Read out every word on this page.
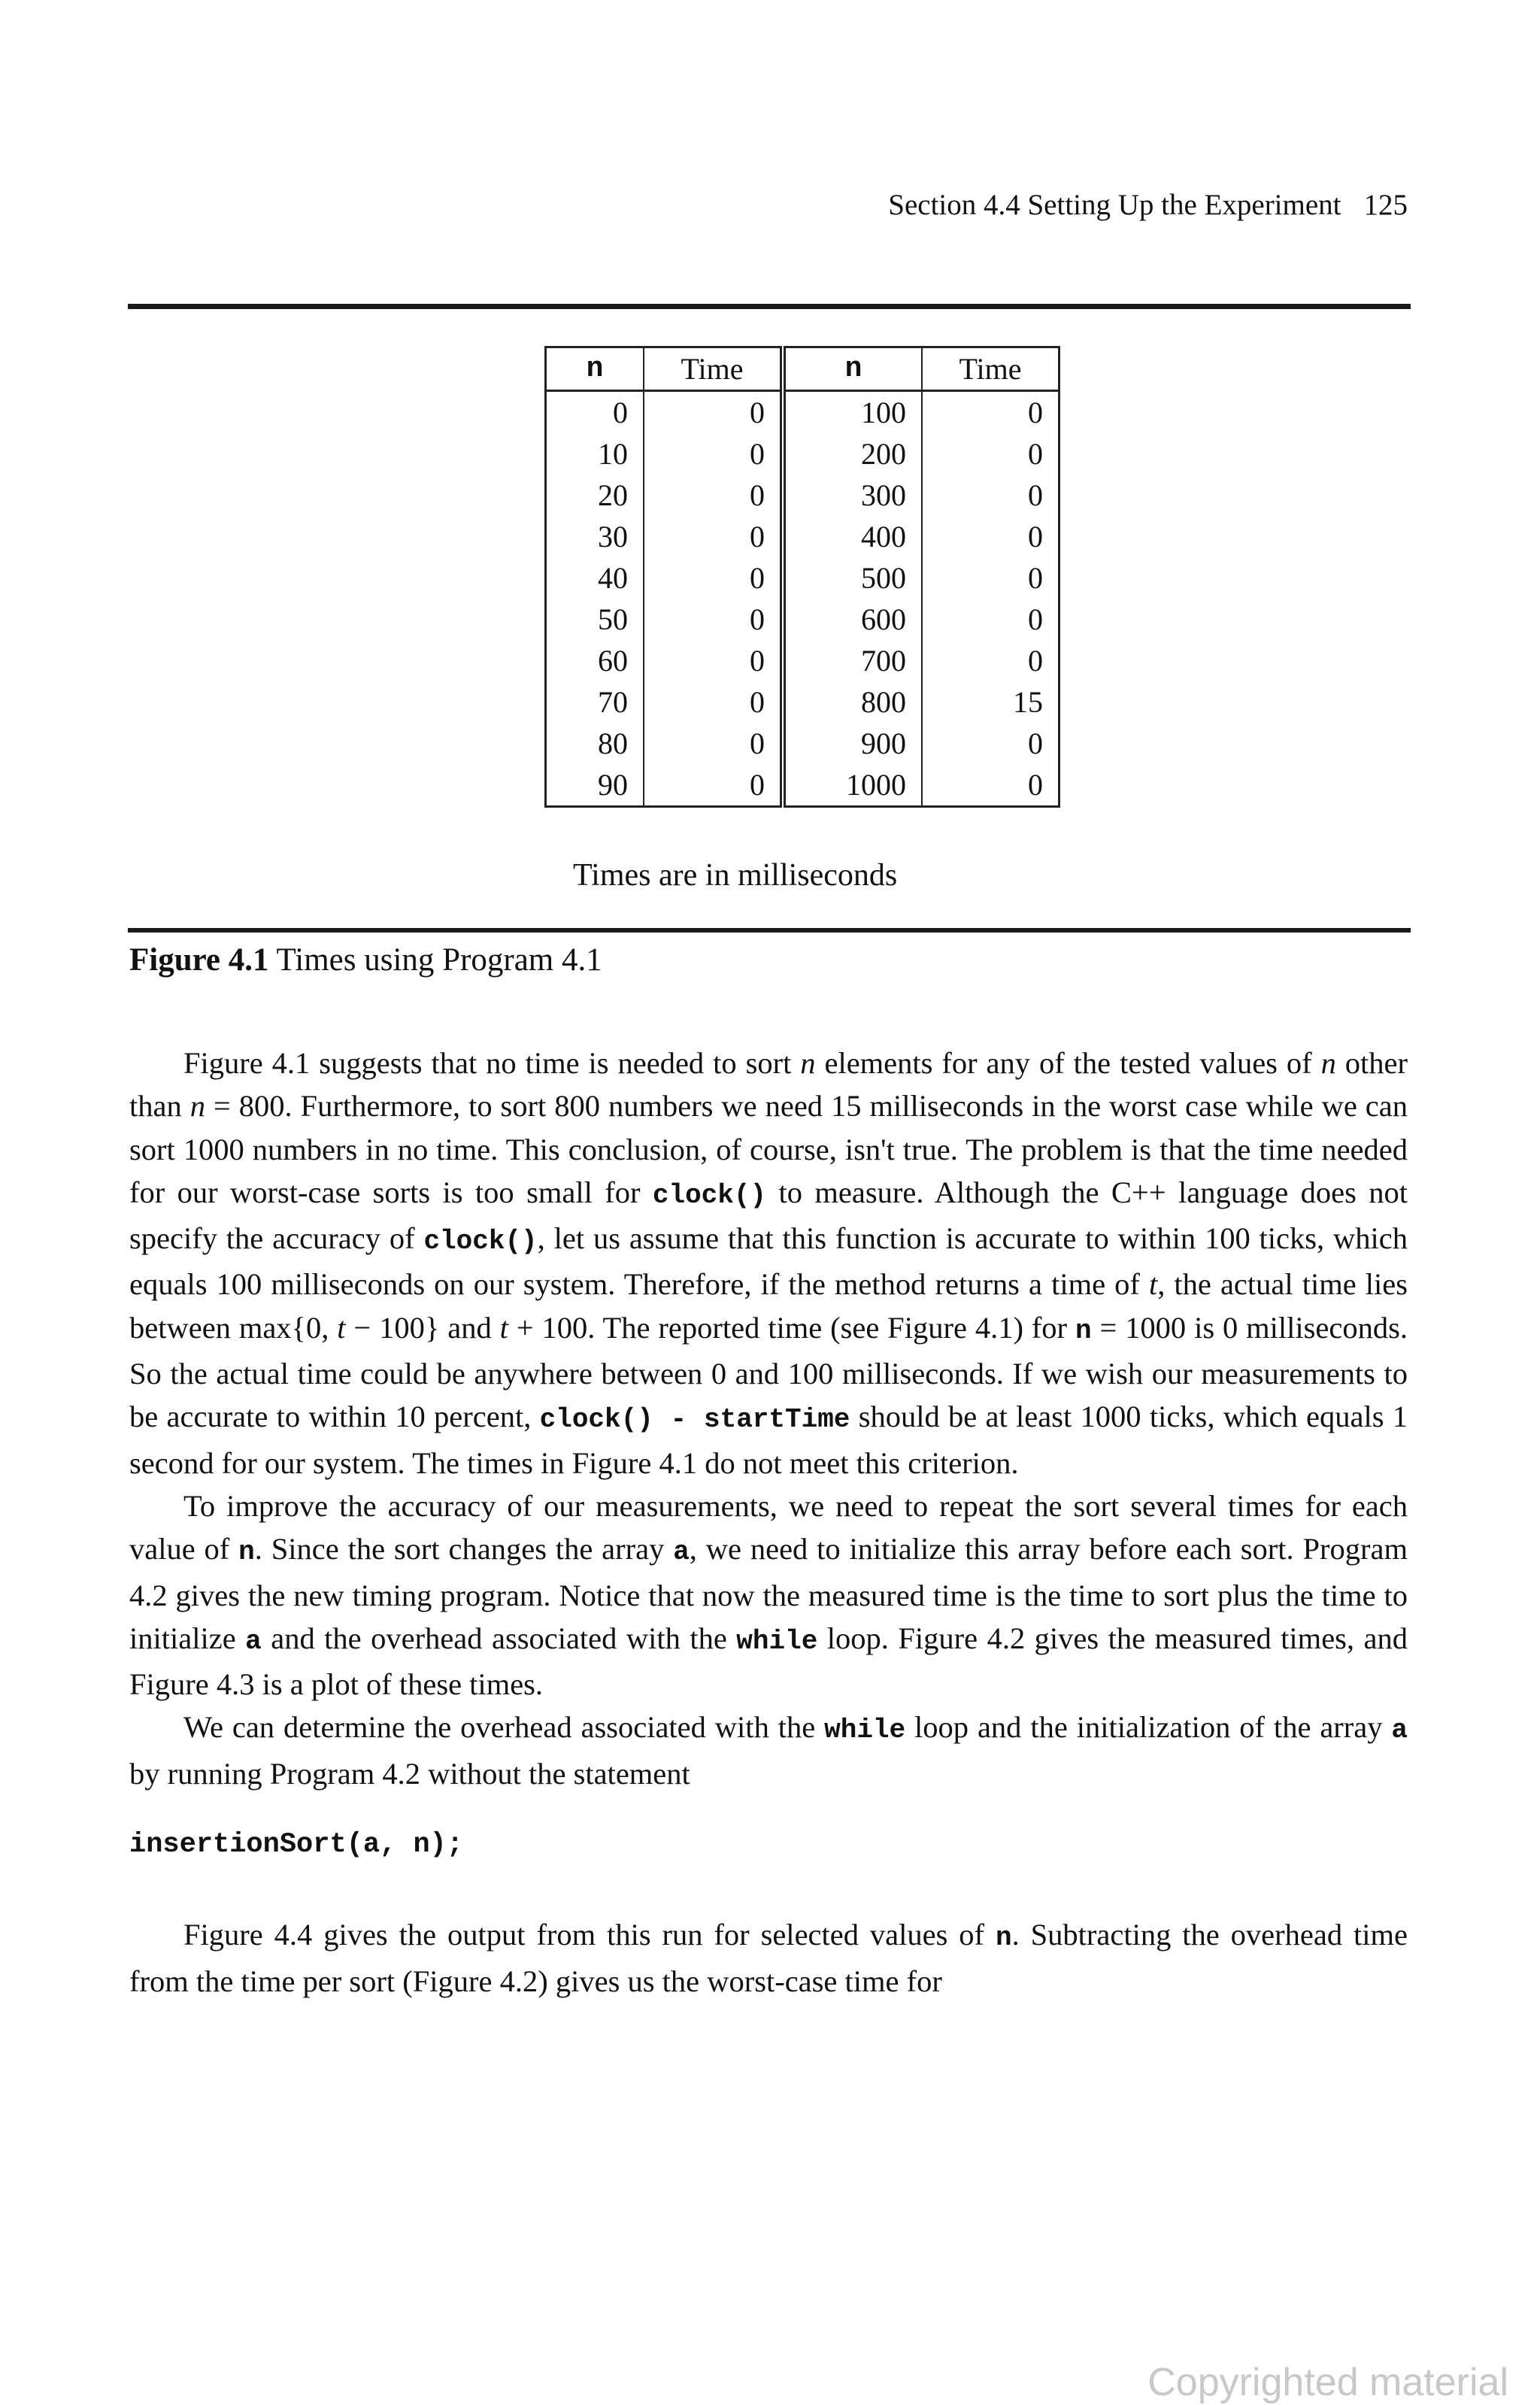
Section 4.4 Setting Up the Experiment 125
n	Time	n	Time
0	0	100	0
10	0	200	0
20	0	300	0
30	0	400	0
40	0	500	0
50	0	600	0
60	0	700	0
70	0	800	15
80	0	900	0
90	0	1000	0
Times are in milliseconds
Figure 4.1 Times using Program 4.1

Figure 4.1 suggests that no time is needed to sort n elements for any of the tested values of n other than n = 800. Furthermore, to sort 800 numbers we need 15 milliseconds in the worst case while we can sort 1000 numbers in no time. This conclusion, of course, isn't true. The problem is that the time needed for our worst-case sorts is too small for clock() to measure. Although the C++ language does not specify the accuracy of clock(), let us assume that this function is accurate to within 100 ticks, which equals 100 milliseconds on our system. Therefore, if the method returns a time of t, the actual time lies between max{0, t − 100} and t + 100. The reported time (see Figure 4.1) for n = 1000 is 0 milliseconds. So the actual time could be anywhere between 0 and 100 milliseconds. If we wish our measurements to be accurate to within 10 percent, clock() - startTime should be at least 1000 ticks, which equals 1 second for our system. The times in Figure 4.1 do not meet this criterion.

To improve the accuracy of our measurements, we need to repeat the sort several times for each value of n. Since the sort changes the array a, we need to initialize this array before each sort. Program 4.2 gives the new timing program. Notice that now the measured time is the time to sort plus the time to initialize a and the overhead associated with the while loop. Figure 4.2 gives the measured times, and Figure 4.3 is a plot of these times.

We can determine the overhead associated with the while loop and the initialization of the array a by running Program 4.2 without the statement

insertionSort(a, n);

Figure 4.4 gives the output from this run for selected values of n. Subtracting the overhead time from the time per sort (Figure 4.2) gives us the worst-case time for

Copyrighted material
